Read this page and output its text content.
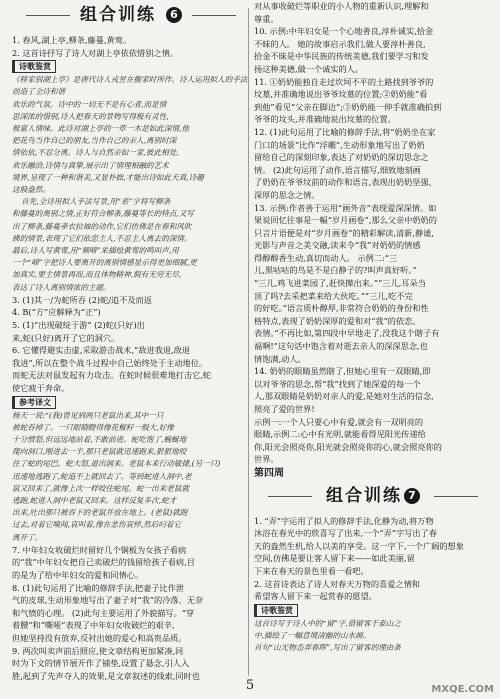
组合训练 6

1. 春风,湖上亭,柳条,藤蔓,黄莺。

2. 这首诗抒写了诗人对湖上亭依依惜别之情。

诗歌鉴赏

《移家别湖上亭》是唐代诗人戎昱在搬家时所作。诗人运用拟人的手法,创造了全诗和谐

欢乐的气氛。诗中的一切无不是有心者,而是情

思深浓的惜别,诗人把春天的景物写得极有灵性,

极富人情味。此诗对湖上亭的一草一木是如此深情,他

把花鸟当作自己的朋友,当作自己的亲人,离别时深

情依依,不忍分离。诗人与自然亲如一家,彼此相处,

欢乐融洽,诗情与真挚,展示出了情理相融的艺术

境界,呈现了一种和谐美,又显朴拙,才能出诗如此天真,诗趣

这般盎然。

首先,全诗用拟人手法写景,用“系”字将写柳条

和藤蔓的离别之情,正好符合柳条,藤蔓等长的特点,又写

出了柳条,藤蔓牵衣拉袖的动作,它们仿佛是在春和风吹

拂的情景,表现了它们依恋主人,不忍主人离去的深情。

最后,诗人写黄莺,用“频啼”来描绘黄莺的鸣叫声,用

一个“啼”字把诗人要离开的离别情感显示得更加细腻,更

加真实,要主情景再而,而且体物精神,假有无穷无尽,

表达了诗人离别情浓的主题。

3. (1)其一/为蛇所吞 (2)蛇/追不及而返

4. B(“方”应解释为“正”)

5. (1)“出现破绽于游” (2)蛇(只好)出

来,蛇(只好)离开了它的洞穴。

6. 它懂得避实击虚,采取游击战术,“敌进我退,敌退

我进”,所以在整个战斗过程中自己始终处于主动地位。

而蛇无法对鼠发起有力攻击。在蛇时候很难地打击它,蛇

使它疲于奔命。

参考译文

杨天一说:“(我)曾见到两只老鼠出来,其中一只

被蛇吞掉了。一只眼睛瞪得像花椒籽一般大,好像

十分愤怒,但远远地站着,不敢前进。蛇吃饱了,蜿蜒地

爬向洞口,刚进去一半,那只老鼠就迅速跑来,狠狠地咬

住了蛇的尾巴。蛇大怒,退出洞来。老鼠本来行动敏捷,(另一只)

迅速地逃跑了,蛇追不上就回去了。等到蛇进入洞中,老

鼠又回来了,就像上次一样咬住蛇尾。蛇一出来老鼠就

逃跑,蛇进入洞中老鼠又回来。这样反复多次,蛇才

出来,吐出那只被吞下的老鼠并放在地上。(老鼠)就跑

过去,对着它嗅闻,哀叫着,像在悲伤哀悼,然后叼着它

离开了。

7. 中年妇女收破烂时留好几个铜板为女孩子看病

的“我”中年妇女把自己卖破烂的钱留给孩子看病,目

的是为了给中年妇女的爱和同情心。

8. (1)此句运用了比喻的修辞手法,把妻子比作泄

气的皮球,生动形象地写出了妻子对“我”的冷落、无奈

和气愤的心理。 (2)此句主要运用了外貌描写。“穿

着腰”和“嘶哑”表现了中年妇女收破烂的艰辛,

但她坚持没有放弃,反衬出她的爱心和高贵品质。

9. 两次叫卖声前后照应,使文章结构更加紧凑,同

时为下文的情节展开作了铺垫,设置了悬念,引人入

胜,起到了先声夺人的效果,是文章叙述的线索,同时也

对从事收破烂等职业的小人物的重新认识,理解和

尊重。

10. 示例:中年妇女是一个心地善良,淳朴诚实,拾金

不昧的人。 她的故事启示我们,做人要淳朴善良,

拾金不昧是中华民族的传统美德,我们要学习和发

扬这种美德,做一个诚实的人。

11. ①奶奶能独自走过坎坷不平的土路找到爷爷的

坟墓,并准确地说出爷爷坟墓的位置;②奶奶能“看

到他”看见“父亲在脚边”;③奶奶能一伸手就准确拍到

爷爷的坟头,并准确地说出坟墓的位置。

12. (1)此句运用了比喻的修辞手法,将“奶奶坐在家

门口的场景”比作“浮雕”,生动形象地写出了奶奶

留给自己的深刻印象,表达了对奶奶的深切思念之

情。 (2)此句运用了动作,语言描写,细致地刻画

了奶奶在爷爷坟前的动作和语言,表现出奶奶坚强、

深厚的思念之情。

13. 示例:作者善于运用“画外音”表现爱深深情。如

果说回忆往事是一幅“岁月画卷”,那么父亲中奶奶的

只言片语便是对“岁月画卷”的精彩解读,清新,静谧,

光影与声音之美交融,读来令“我”对奶奶的情感

得醇醇香生动,真切而动人。 示例二:“三

儿,黑咕咕的鸟是不是白静子的?叫声真好听。”

“三儿,鸡飞进菜园了,赶快撵出来。”“三儿,耳朵当

顶了吗?去采把菜来给大伙吃。”“三儿,吃不完

的好吃。”语言质朴醇厚,非常符合奶奶的身份和性

格特点,表现了奶奶深厚的爱和对“我”的依恋。

表情。”不再比如,第四段中早地走了,没我这个瞎子有

福啊!”这句话中饱含着对逝去亲人的深深思念,也

情饱满,动人。

14. 奶奶的眼睛虽然瞎了,但她心里有一双眼睛,即

以对爷爷的思念,帮“我”找到了她深爱的每一个

人,那双眼睛是奶奶对亲人的爱,是她对生活的信念,

照亮了爱的世界!

示例一:一个人只要心中有爱,就会有一双明亮的

眼睛,示例二:心中有光明,就能看得见阳光传递给

你,阳光会照亮你,阳光就会照亮你的心,就会照亮你的

世界。

第四周
组合训练 7

1. “弄”字运用了拟人的修辞手法,化静为动,将万物

沐浴在春光中的欣喜写了出来,一个“弄”字写出了春

天的盎然生机,给人以美的享受。这一字下,一个广阔的想象

空间,仿佛是要让客人留下来——如此美丽,留

下来在春天的景色里看一看吧。

2. 这首诗表达了诗人对春天万物的喜爱之情和

希望客人留下来一起赏春的愿望。

诗歌鉴赏

这首诗写于诗人中的“留”字,借留客于泰山之

中,描绘了一幅意境清幽的山水画。

首句“山光物态弄春晖”,写出了留客的理由条

5	MXQE.COM
